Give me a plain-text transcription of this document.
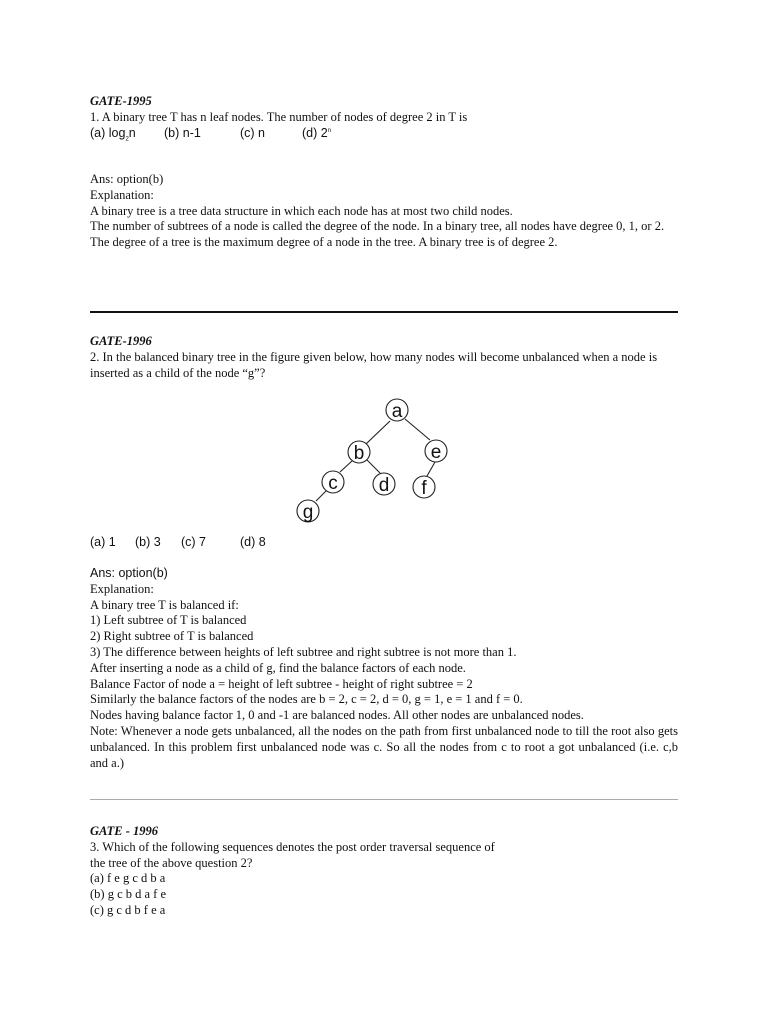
GATE-1995
1. A binary tree T has n leaf nodes. The number of nodes of degree 2 in T is
(a) $\log_2n$ (b) n-1	(c) n	(d) 2$^n$
Ans: option(b)
Explanation:
A binary tree is a tree data structure in which each node has at most two child nodes.
The number of subtrees of a node is called the degree of the node. In a binary tree, all nodes have degree 0, 1, or 2.
The degree of a tree is the maximum degree of a node in the tree. A binary tree is of degree 2.
GATE-1996
2. In the balanced binary tree in the figure given below, how many nodes will become unbalanced when a node is inserted as a child of the node “g”?
a
b	e
c d f
g
(a) 1 (b) 3 (c) 7	(d) 8
Ans: option(b)
Explanation:
A binary tree T is balanced if:
1) Left subtree of T is balanced
2) Right subtree of T is balanced
3) The difference between heights of left subtree and right subtree is not more than 1.
After inserting a node as a child of g, find the balance factors of each node.
Balance Factor of node a = height of left subtree - height of right subtree = 2
Similarly the balance factors of the nodes are b = 2, c = 2, d = 0, g = 1, e = 1 and f = 0.
Nodes having balance factor 1, 0 and -1 are balanced nodes. All other nodes are unbalanced nodes.
Note: Whenever a node gets unbalanced, all the nodes on the path from first unbalanced node to till the root also gets unbalanced. In this problem first unbalanced node was c. So all the nodes from c to root a got unbalanced (i.e. c,b and a.)
GATE - 1996
3. Which of the following sequences denotes the post order traversal sequence of
the tree of the above question 2?
(a) f e g c d b a
(b) g c b d a f e
(c) g c d b f e a
